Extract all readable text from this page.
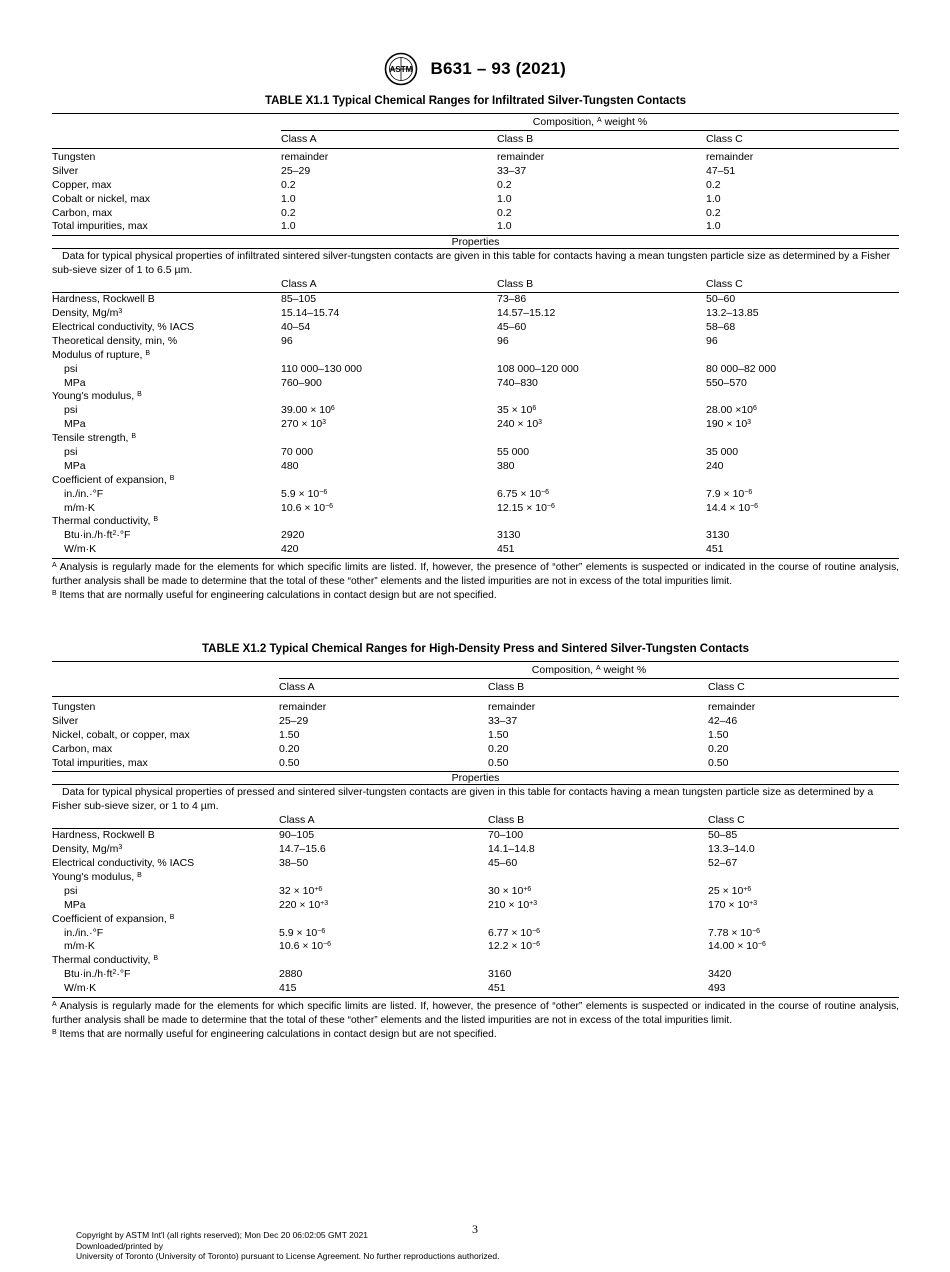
ASTM B631 – 93 (2021)
TABLE X1.1 Typical Chemical Ranges for Infiltrated Silver-Tungsten Contacts
Composition, $^A$ weight %
Class A	Class B	Class C
Tungsten	remainder	remainder	remainder
Silver	25–29	33–37	47–51
Copper, max	0.2	0.2	0.2
Cobalt or nickel, max	1.0	1.0	1.0
Carbon, max	0.2	0.2	0.2
Total impurities, max	1.0	1.0	1.0
Properties
Data for typical physical properties of infiltrated sintered silver-tungsten contacts are given in this table for contacts having a mean tungsten particle size as determined by a Fisher sub-sieve sizer of 1 to 6.5 µm.
Class A	Class B	Class C
Hardness, Rockwell B	85–105	73–86	50–60
Density, $Mg/m^3$	15.14–15.74	14.57–15.12	13.2–13.85
Electrical conductivity, % IACS	40–54	45–60	58–68
Theoretical density, min, %	96	96	96
Modulus of rupture, $^B$
psi	110 000–130 000	108 000–120 000	80 000–82 000
MPa	760–900	740–830	550–570
Young's modulus, $^B$
psi	$39.00 \times 10^6$	$35 \times 10^6$	$28.00 \times 10^6$
MPa	$270 \times 10^3$	$240 \times 10^3$	$190 \times 10^3$
Tensile strength, $^B$
psi	70 000	55 000	35 000
MPa	480	380	240
Coefficient of expansion, $^B$
in./in.·°F	$5.9 \times 10^{-6}$	$6.75 \times 10^{-6}$	$7.9 \times 10^{-6}$
m/m·K	$10.6 \times 10^{-6}$	$12.15 \times 10^{-6}$	$14.4 \times 10^{-6}$
Thermal conductivity, $^B$
$Btu\cdot in./h\cdot ft^2\cdot^\circ F$	2920	3130	3130
W/m·K	420	451	451
$^A$ Analysis is regularly made for the elements for which specific limits are listed. If, however, the presence of “other” elements is suspected or indicated in the course of routine analysis, further analysis shall be made to determine that the total of these “other” elements and the listed impurities are not in excess of the total impurities limit.
$^B$ Items that are normally useful for engineering calculations in contact design but are not specified.
TABLE X1.2 Typical Chemical Ranges for High-Density Press and Sintered Silver-Tungsten Contacts
Composition, $^A$ weight %
Class A	Class B	Class C
Tungsten	remainder	remainder	remainder
Silver	25–29	33–37	42–46
Nickel, cobalt, or copper, max	1.50	1.50	1.50
Carbon, max	0.20	0.20	0.20
Total impurities, max	0.50	0.50	0.50
Properties
Data for typical physical properties of pressed and sintered silver-tungsten contacts are given in this table for contacts having a mean tungsten particle size as determined by a Fisher sub-sieve sizer, or 1 to 4 µm.
Class A	Class B	Class C
Hardness, Rockwell B	90–105	70–100	50–85
Density, $Mg/m^3$	14.7–15.6	14.1–14.8	13.3–14.0
Electrical conductivity, % IACS	38–50	45–60	52–67
Young's modulus, $^B$
psi	$32 \times 10^{+6}$	$30 \times 10^{+6}$	$25 \times 10^{+6}$
MPa	$220 \times 10^{+3}$	$210 \times 10^{+3}$	$170 \times 10^{+3}$
Coefficient of expansion, $^B$
in./in.·°F	$5.9 \times 10^{-6}$	$6.77 \times 10^{-6}$	$7.78 \times 10^{-6}$
m/m·K	$10.6 \times 10^{-6}$	$12.2 \times 10^{-6}$	$14.00 \times 10^{-6}$
Thermal conductivity, $^B$
$Btu\cdot in./h\cdot ft^2\cdot^\circ F$	2880	3160	3420
W/m·K	415	451	493
$^A$ Analysis is regularly made for the elements for which specific limits are listed. If, however, the presence of “other” elements is suspected or indicated in the course of routine analysis, further analysis shall be made to determine that the total of these “other” elements and the listed impurities are not in excess of the total impurities limit.
$^B$ Items that are normally useful for engineering calculations in contact design but are not specified.
3
Copyright by ASTM Int'l (all rights reserved); Mon Dec 20 06:02:05 GMT 2021
Downloaded/printed by
University of Toronto (University of Toronto) pursuant to License Agreement. No further reproductions authorized.
